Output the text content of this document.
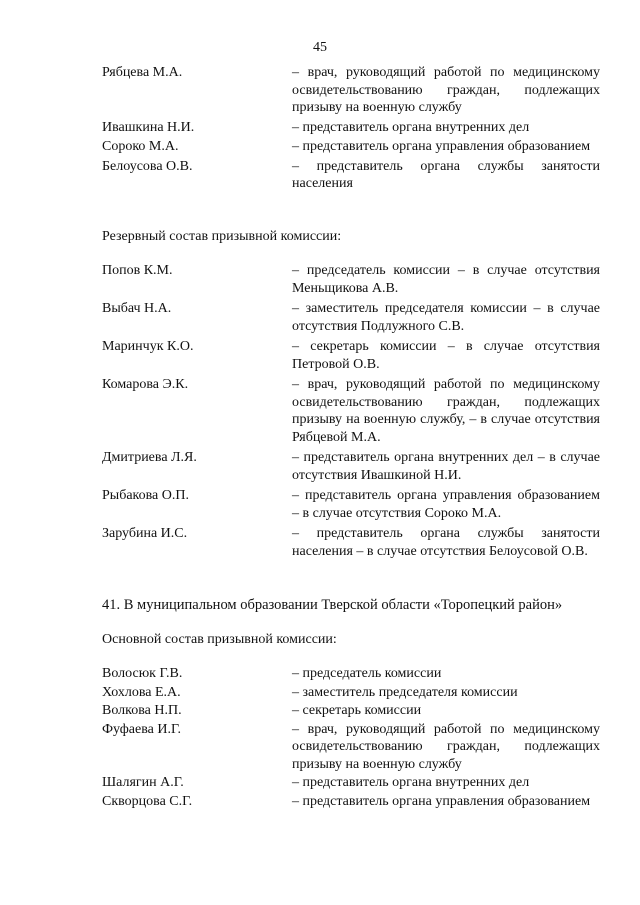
45
Рябцева М.А.	– врач, руководящий работой по медицинскому освидетельствованию граждан, подлежащих призыву на военную службу
Ивашкина Н.И.	– представитель органа внутренних дел
Сороко М.А.	– представитель органа управления образованием
Белоусова О.В.	– представитель органа службы занятости населения
Резервный состав призывной комиссии:
Попов К.М.	– председатель комиссии – в случае отсутствия Меньщикова А.В.
Выбач Н.А.	– заместитель председателя комиссии – в случае отсутствия Подлужного С.В.
Маринчук К.О.	– секретарь комиссии – в случае отсутствия Петровой О.В.
Комарова Э.К.	– врач, руководящий работой по медицинскому освидетельствованию граждан, подлежащих призыву на военную службу, – в случае отсутствия Рябцевой М.А.
Дмитриева Л.Я.	– представитель органа внутренних дел – в случае отсутствия Ивашкиной Н.И.
Рыбакова О.П.	– представитель органа управления образованием – в случае отсутствия Сороко М.А.
Зарубина И.С.	– представитель органа службы занятости населения – в случае отсутствия Белоусовой О.В.
41. В муниципальном образовании Тверской области «Торопецкий район»
Основной состав призывной комиссии:
Волосюк Г.В.	– председатель комиссии
Хохлова Е.А.	– заместитель председателя комиссии
Волкова Н.П.	– секретарь комиссии
Фуфаева И.Г.	– врач, руководящий работой по медицинскому освидетельствованию граждан, подлежащих призыву на военную службу
Шалягин А.Г.	– представитель органа внутренних дел
Скворцова С.Г.	– представитель органа управления образованием
